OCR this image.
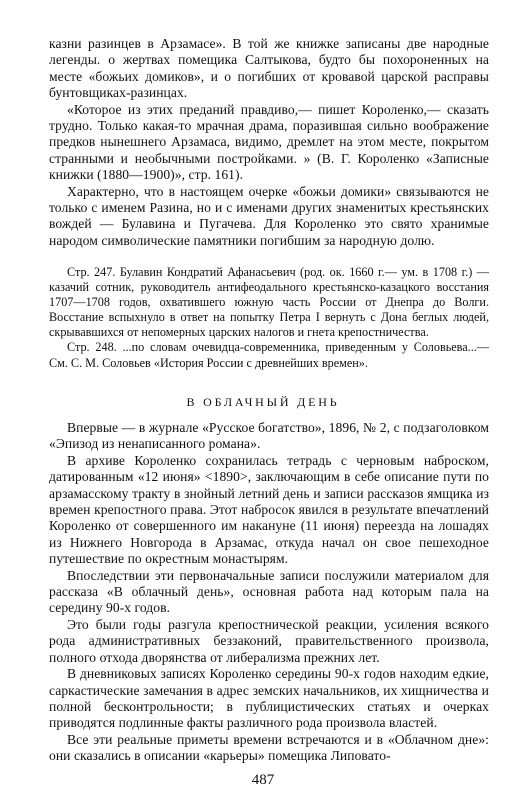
казни разинцев в Арзамасе». В той же книжке записаны две народные легенды. о жертвах помещика Салтыкова, будто бы похороненных на месте «божьих домиков», и о погибших от кровавой царской расправы бунтовщиках-разинцах.

«Которое из этих преданий правдиво,— пишет Короленко,— сказать трудно. Только какая-то мрачная драма, поразившая сильно воображение предков нынешнего Арзамаса, видимо, дремлет на этом месте, покрытом странными и необычными постройками. » (В. Г. Короленко «Записные книжки (1880—1900)», стр. 161).

Характерно, что в настоящем очерке «божьи домики» связываются не только с именем Разина, но и с именами других знаменитых крестьянских вождей — Булавина и Пугачева. Для Короленко это свято хранимые народом символические памятники погибшим за народную долю.

Стр. 247. Булавин Кондратий Афанасьевич (род. ок. 1660 г.— ум. в 1708 г.) — казачий сотник, руководитель антифеодального крестьянско-казацкого восстания 1707—1708 годов, охватившего южную часть России от Днепра до Волги. Восстание вспыхнуло в ответ на попытку Петра I вернуть с Дона беглых людей, скрывавшихся от непомерных царских налогов и гнета крепостничества.

Стр. 248. ...по словам очевидца-современника, приведенным у Соловьева...— См. С. М. Соловьев «История России с древнейших времен».

В ОБЛАЧНЫЙ ДЕНЬ

Впервые — в журнале «Русское богатство», 1896, № 2, с подзаголовком «Эпизод из ненаписанного романа».

В архиве Короленко сохранилась тетрадь с черновым наброском, датированным «12 июня» <1890>, заключающим в себе описание пути по арзамасскому тракту в знойный летний день и записи рассказов ямщика из времен крепостного права. Этот набросок явился в результате впечатлений Короленко от совершенного им накануне (11 июня) переезда на лошадях из Нижнего Новгорода в Арзамас, откуда начал он свое пешеходное путешествие по окрестным монастырям.

Впоследствии эти первоначальные записи послужили материалом для рассказа «В облачный день», основная работа над которым пала на середину 90-х годов.

Это были годы разгула крепостнической реакции, усиления всякого рода административных беззаконий, правительственного произвола, полного отхода дворянства от либерализма прежних лет.

В дневниковых записях Короленко середины 90-х годов находим едкие, саркастические замечания в адрес земских начальников, их хищничества и полной бесконтрольности; в публицистических статьях и очерках приводятся подлинные факты различного рода произвола властей.

Все эти реальные приметы времени встречаются и в «Облачном дне»: они сказались в описании «карьеры» помещика Липовато-

487
